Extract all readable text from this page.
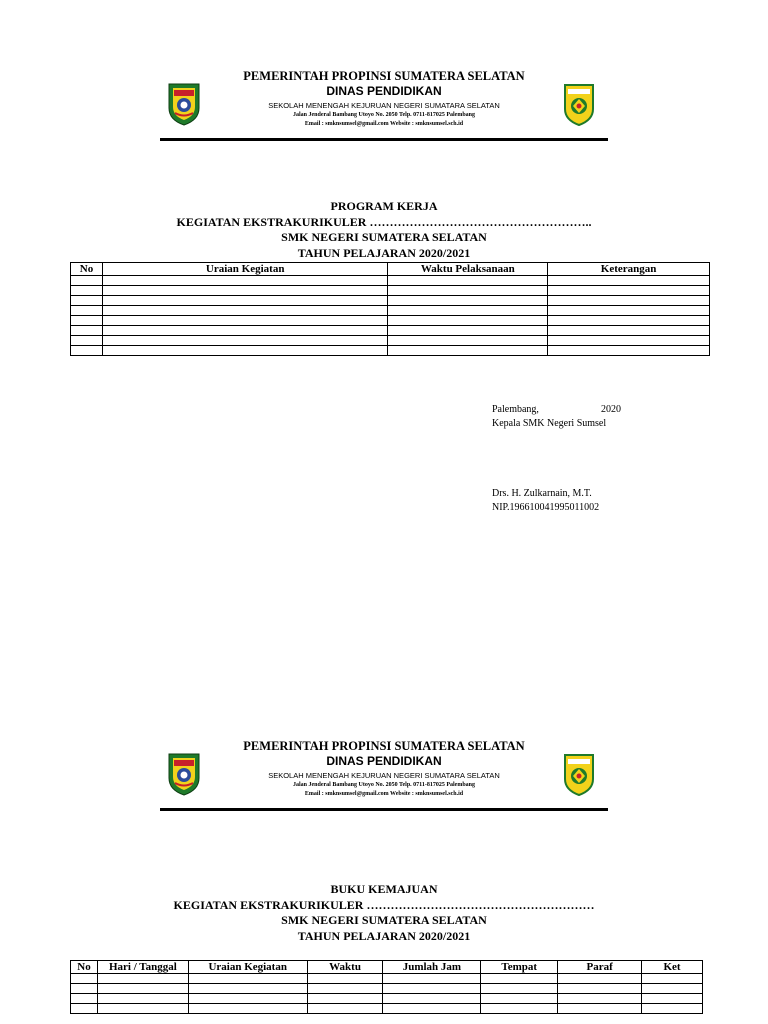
PEMERINTAH PROPINSI SUMATERA SELATAN
DINAS PENDIDIKAN
SEKOLAH MENENGAH KEJURUAN NEGERI SUMATARA SELATAN
Jalan Jenderal Bambang Utoyo No. 2050 Telp. 0711-817025 Palembang
Email : smknsumsel@gmail.com Website : smknsumsel.sch.id
PROGRAM KERJA
KEGIATAN EKSTRAKURIKULER ………………………………………………..
SMK NEGERI SUMATERA SELATAN
TAHUN PELAJARAN 2020/2021
No	Uraian Kegiatan	Waktu Pelaksanaan	Keterangan

Palembang,	2020
Kepala SMK Negeri Sumsel
Drs. H. Zulkarnain, M.T.
NIP.196610041995011002
PEMERINTAH PROPINSI SUMATERA SELATAN
DINAS PENDIDIKAN
SEKOLAH MENENGAH KEJURUAN NEGERI SUMATARA SELATAN
Jalan Jenderal Bambang Utoyo No. 2050 Telp. 0711-817025 Palembang
Email : smknsumsel@gmail.com Website : smknsumsel.sch.id
BUKU KEMAJUAN
KEGIATAN EKSTRAKURIKULER …………………………………………………
SMK NEGERI SUMATERA SELATAN
TAHUN PELAJARAN 2020/2021
No	Hari / Tanggal	Uraian Kegiatan	Waktu	Jumlah Jam	Tempat	Paraf	Ket
